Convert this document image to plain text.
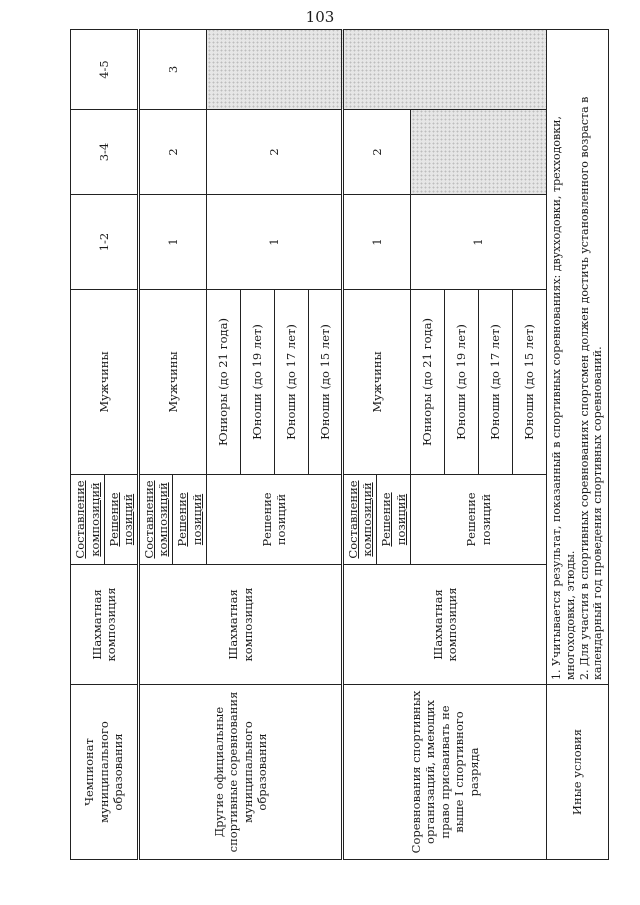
103
Чемпионат муниципального образования	Шахматная композиция	Составление композиций	Мужчины	1-2	3-4	4-5
		Решение позиций				
Другие официальные спортивные соревнования муниципального образования	Шахматная композиция	Составление композиций	Мужчины	1	2	3
		Решение позиций				
		Решение позиций	Юниоры (до 21 года)	1	2	
			Юноши (до 19 лет)			
			Юноши (до 17 лет)			
			Юноши (до 15 лет)			
Соревнования спортивных организаций, имеющих право присваивать не выше I спортивного разряда	Шахматная композиция	Составление композиций	Мужчины	1	2	
		Решение позиций				
		Решение позиций	Юниоры (до 21 года)	1		
			Юноши (до 19 лет)			
			Юноши (до 17 лет)			
			Юноши (до 15 лет)			
Иные условия	1. Учитывается результат, показанный в спортивных соревнованиях: двухходовки, трехходовки, многоходовки, этюды. 2. Для участия в спортивных соревнованиях спортсмен должен достичь установленного возраста в календарный год проведения спортивных соревнований.					
